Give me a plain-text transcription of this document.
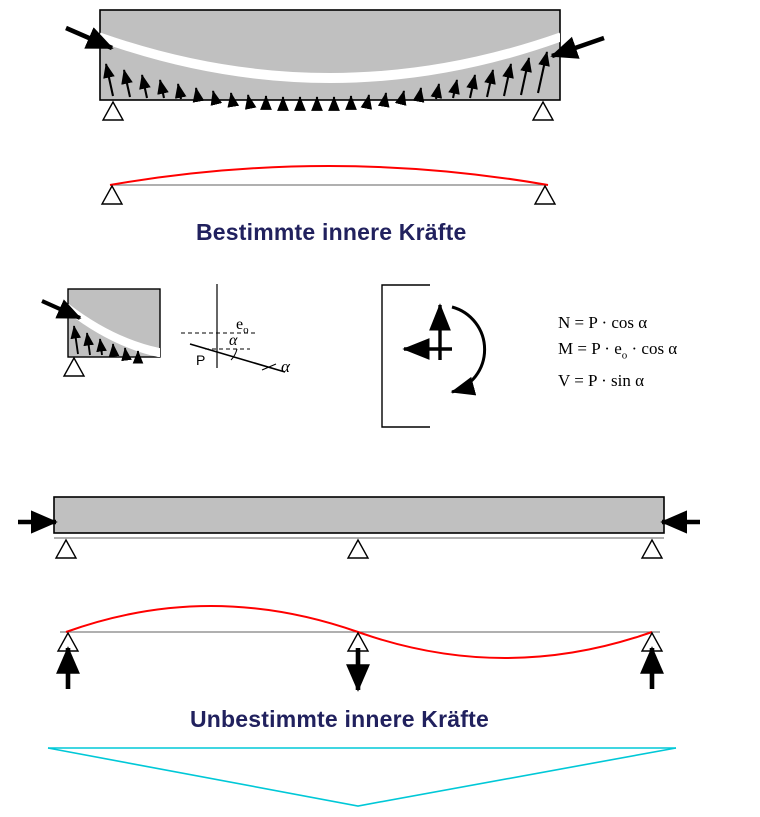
Bestimmte innere Kräfte
Unbestimmte innere Kräfte
$e_o$
P	α
α
N = P · cos α
$M = P \cdot e_o \cdot \cos \alpha$
V = P · sin α
